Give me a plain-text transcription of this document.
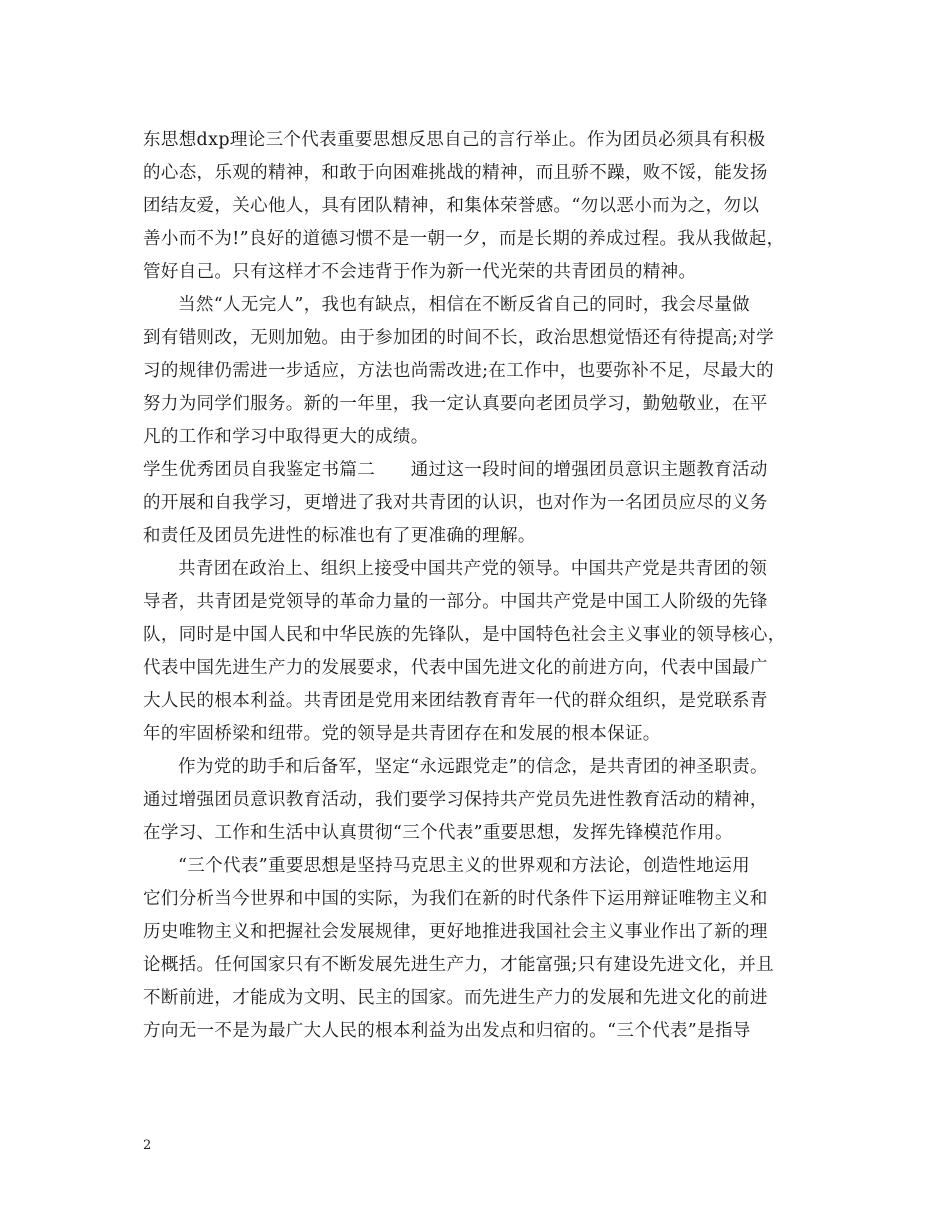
东思想dxp理论三个代表重要思想反思自己的言行举止。作为团员必须具有积极
的心态，乐观的精神，和敢于向困难挑战的精神，而且骄不躁，败不馁，能发扬
团结友爱，关心他人，具有团队精神，和集体荣誉感。“勿以恶小而为之，勿以
善小而不为!”良好的道德习惯不是一朝一夕，而是长期的养成过程。我从我做起，
管好自己。只有这样才不会违背于作为新一代光荣的共青团员的精神。
当然“人无完人”，我也有缺点，相信在不断反省自己的同时，我会尽量做
到有错则改，无则加勉。由于参加团的时间不长，政治思想觉悟还有待提高;对学
习的规律仍需进一步适应，方法也尚需改进;在工作中，也要弥补不足，尽最大的
努力为同学们服务。新的一年里，我一定认真要向老团员学习，勤勉敬业，在平
凡的工作和学习中取得更大的成绩。
学生优秀团员自我鉴定书篇二　　通过这一段时间的增强团员意识主题教育活动
的开展和自我学习，更增进了我对共青团的认识，也对作为一名团员应尽的义务
和责任及团员先进性的标准也有了更准确的理解。
共青团在政治上、组织上接受中国共产党的领导。中国共产党是共青团的领
导者，共青团是党领导的革命力量的一部分。中国共产党是中国工人阶级的先锋
队，同时是中国人民和中华民族的先锋队，是中国特色社会主义事业的领导核心，
代表中国先进生产力的发展要求，代表中国先进文化的前进方向，代表中国最广
大人民的根本利益。共青团是党用来团结教育青年一代的群众组织，是党联系青
年的牢固桥梁和纽带。党的领导是共青团存在和发展的根本保证。
作为党的助手和后备军，坚定“永远跟党走”的信念，是共青团的神圣职责。
通过增强团员意识教育活动，我们要学习保持共产党员先进性教育活动的精神，
在学习、工作和生活中认真贯彻“三个代表”重要思想，发挥先锋模范作用。
“三个代表”重要思想是坚持马克思主义的世界观和方法论，创造性地运用
它们分析当今世界和中国的实际，为我们在新的时代条件下运用辩证唯物主义和
历史唯物主义和把握社会发展规律，更好地推进我国社会主义事业作出了新的理
论概括。任何国家只有不断发展先进生产力，才能富强;只有建设先进文化，并且
不断前进，才能成为文明、民主的国家。而先进生产力的发展和先进文化的前进
方向无一不是为最广大人民的根本利益为出发点和归宿的。“三个代表”是指导
2
